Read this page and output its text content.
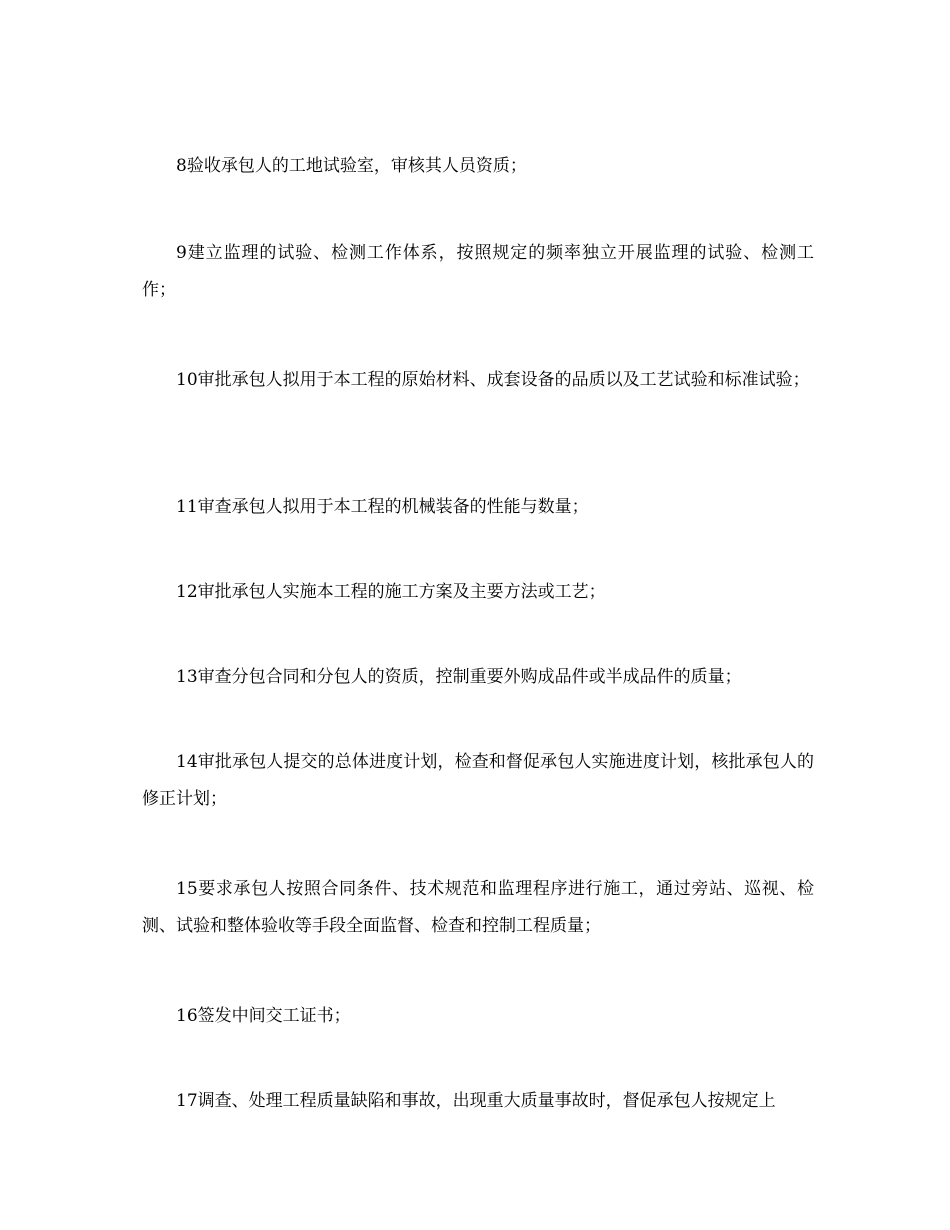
8验收承包人的工地试验室，审核其人员资质；

9建立监理的试验、检测工作体系，按照规定的频率独立开展监理的试验、检测工作；

10审批承包人拟用于本工程的原始材料、成套设备的品质以及工艺试验和标准试验；

11审查承包人拟用于本工程的机械装备的性能与数量；

12审批承包人实施本工程的施工方案及主要方法或工艺；

13审查分包合同和分包人的资质，控制重要外购成品件或半成品件的质量；

14审批承包人提交的总体进度计划，检查和督促承包人实施进度计划，核批承包人的修正计划；

15要求承包人按照合同条件、技术规范和监理程序进行施工，通过旁站、巡视、检测、试验和整体验收等手段全面监督、检查和控制工程质量；

16签发中间交工证书；

17调查、处理工程质量缺陷和事故，出现重大质量事故时，督促承包人按规定上
